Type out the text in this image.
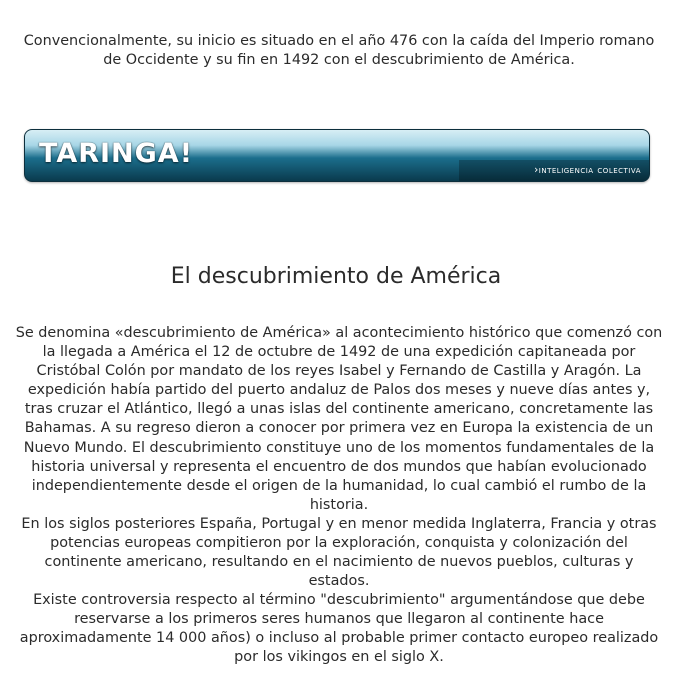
Convencionalmente, su inicio es situado en el año 476 con la caída del Imperio romano de Occidente y su fin en 1492 con el descubrimiento de América.

TARINGA!
›inteligencia colectiva
El descubrimiento de América

Se denomina «descubrimiento de América» al acontecimiento histórico que comenzó con la llegada a América el 12 de octubre de 1492 de una expedición capitaneada por Cristóbal Colón por mandato de los reyes Isabel y Fernando de Castilla y Aragón. La expedición había partido del puerto andaluz de Palos dos meses y nueve días antes y, tras cruzar el Atlántico, llegó a unas islas del continente americano, concretamente las Bahamas. A su regreso dieron a conocer por primera vez en Europa la existencia de un Nuevo Mundo. El descubrimiento constituye uno de los momentos fundamentales de la historia universal y representa el encuentro de dos mundos que habían evolucionado independientemente desde el origen de la humanidad, lo cual cambió el rumbo de la historia.

En los siglos posteriores España, Portugal y en menor medida Inglaterra, Francia y otras potencias europeas compitieron por la exploración, conquista y colonización del continente americano, resultando en el nacimiento de nuevos pueblos, culturas y estados.

Existe controversia respecto al término "descubrimiento" argumentándose que debe reservarse a los primeros seres humanos que llegaron al continente hace aproximadamente 14 000 años) o incluso al probable primer contacto europeo realizado por los vikingos en el siglo X.
